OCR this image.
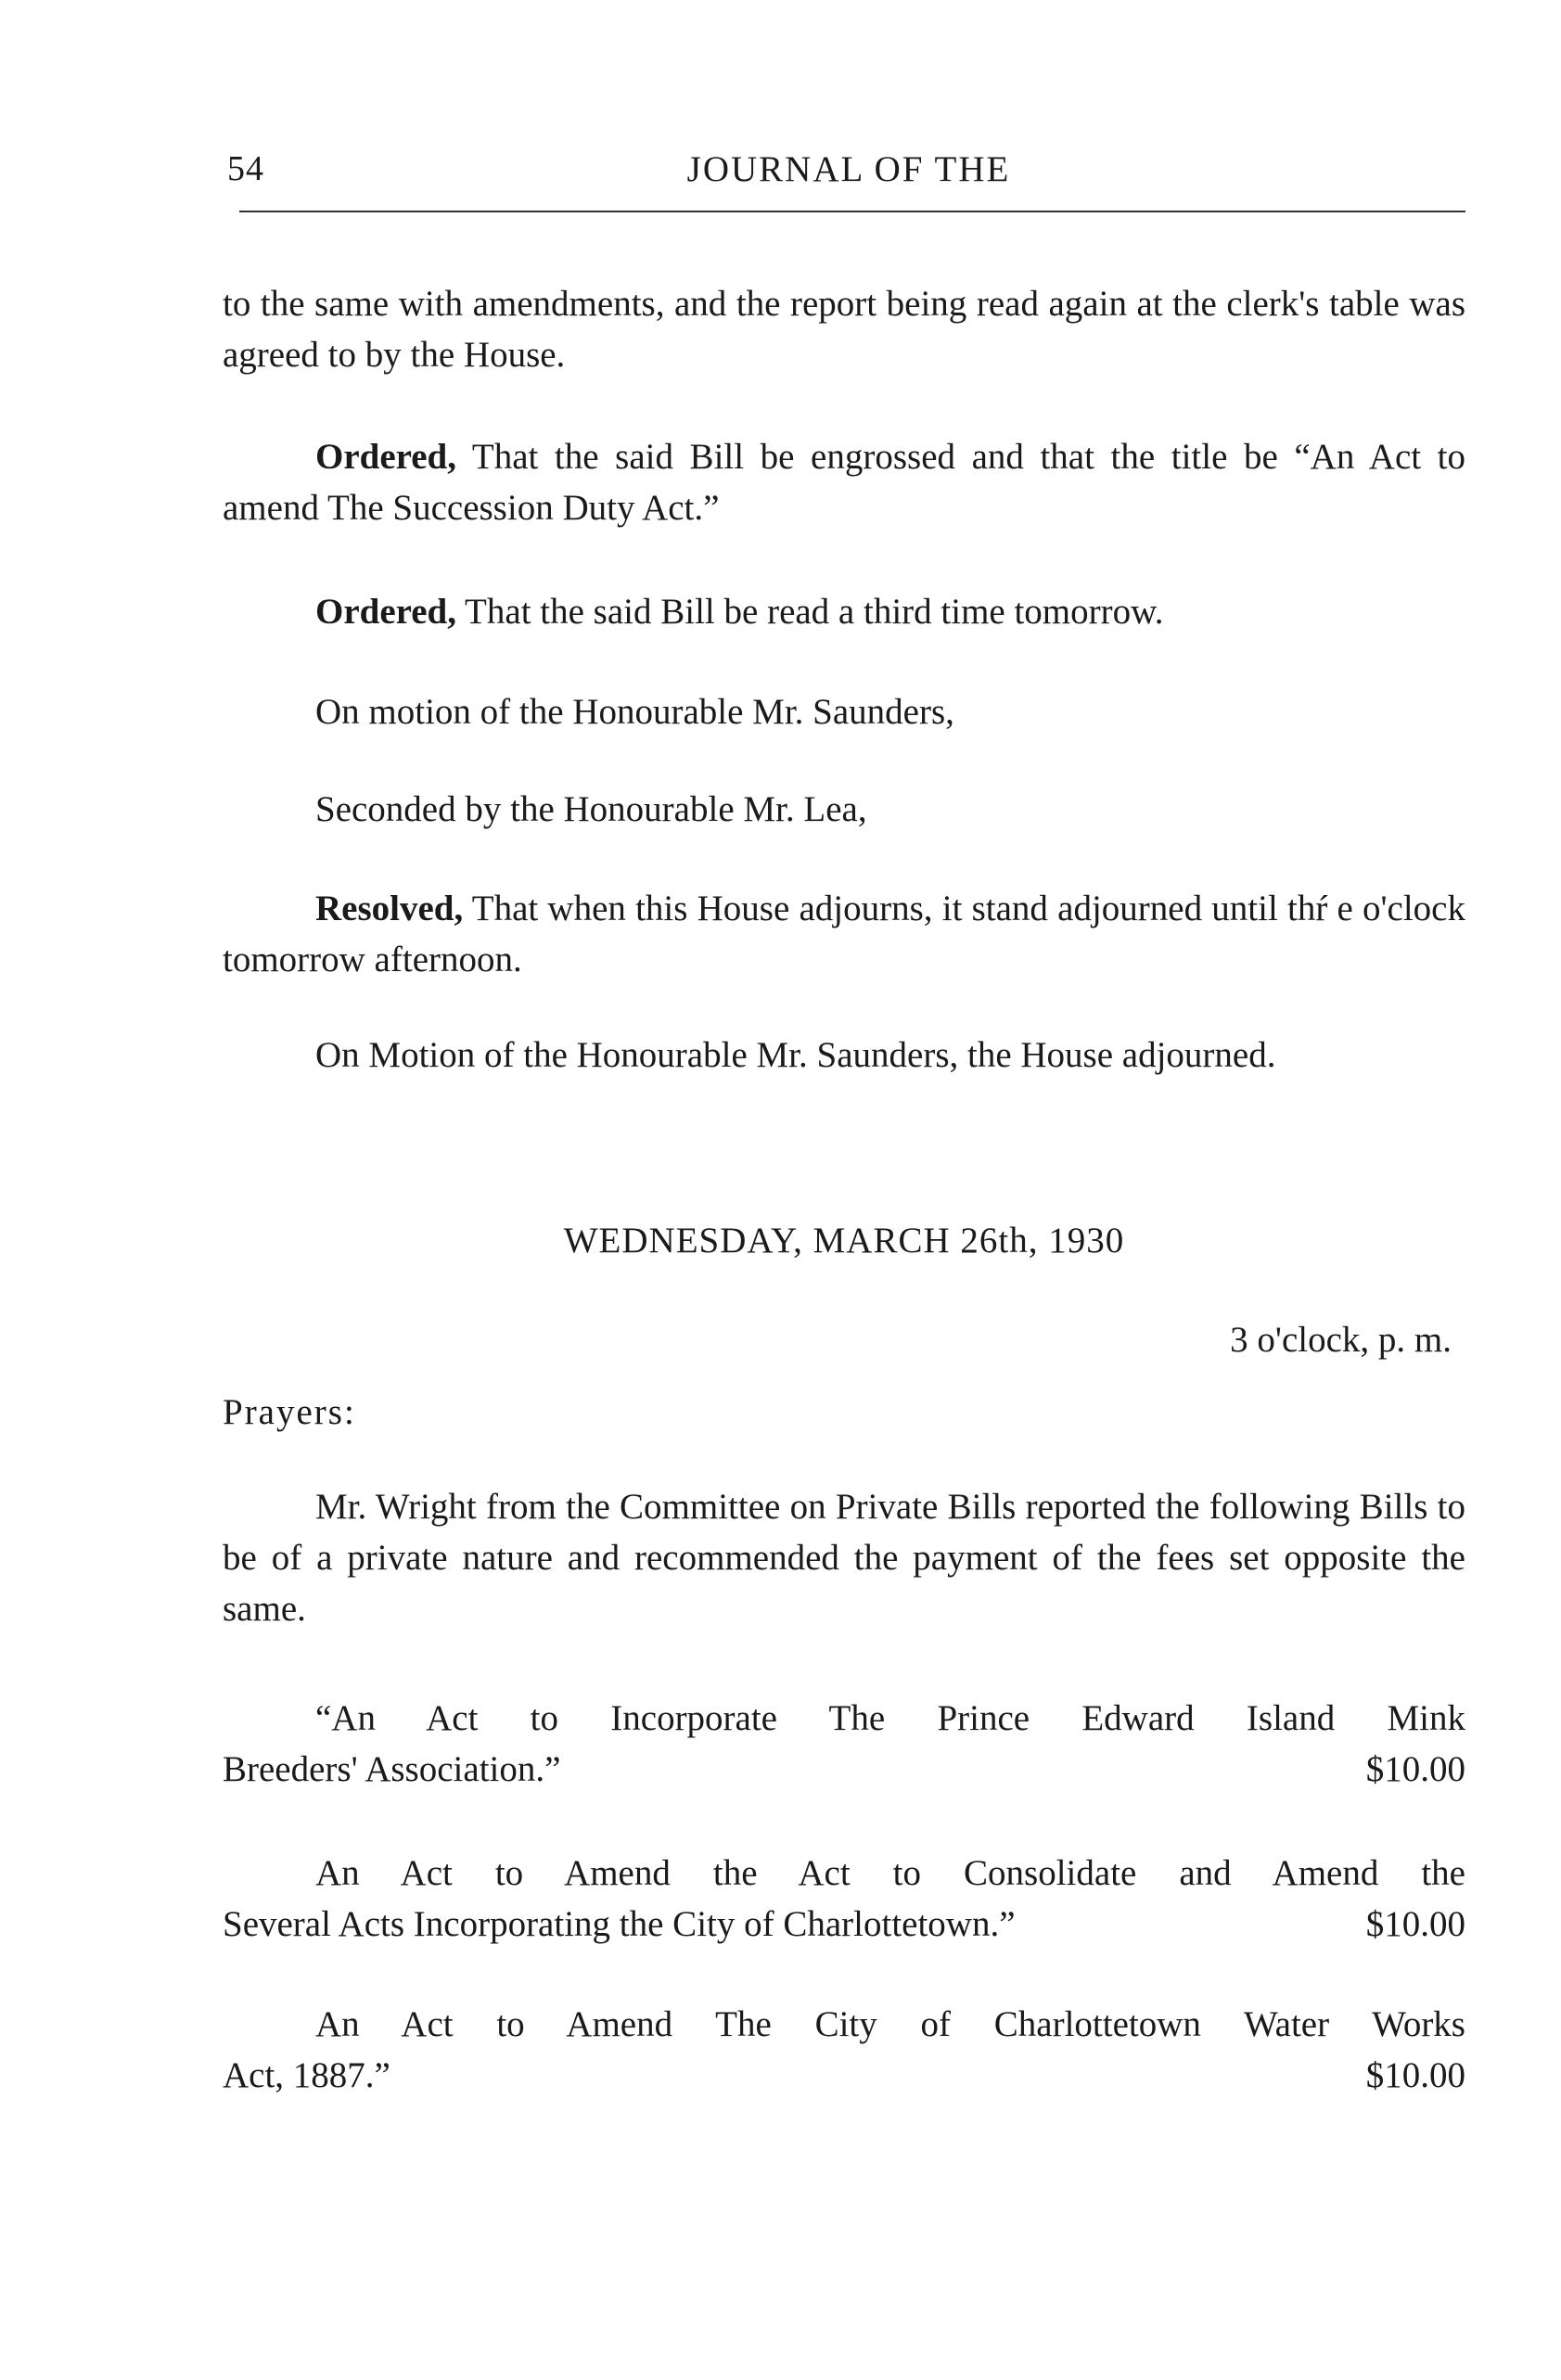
54	JOURNAL OF THE

to the same with amendments, and the report being read again at the clerk's table was agreed to by the House.

Ordered, That the said Bill be engrossed and that the title be “An Act to amend The Succession Duty Act.”

Ordered, That the said Bill be read a third time tomorrow.

On motion of the Honourable Mr. Saunders,

Seconded by the Honourable Mr. Lea,

Resolved, That when this House adjourns, it stand adjourned until thŕ e o'clock tomorrow afternoon.

On Motion of the Honourable Mr. Saunders, the House adjourned.

WEDNESDAY, MARCH 26th, 1930

3 o'clock, p. m.

Prayers:

Mr. Wright from the Committee on Private Bills reported the following Bills to be of a private nature and recommended the payment of the fees set opposite the same.

“An Act to Incorporate The Prince Edward Island Mink
Breeders' Association.”	$10.00
An Act to Amend the Act to Consolidate and Amend the
Several Acts Incorporating the City of Charlottetown.”	$10.00
An Act to Amend The City of Charlottetown Water Works
Act, 1887.”	$10.00
